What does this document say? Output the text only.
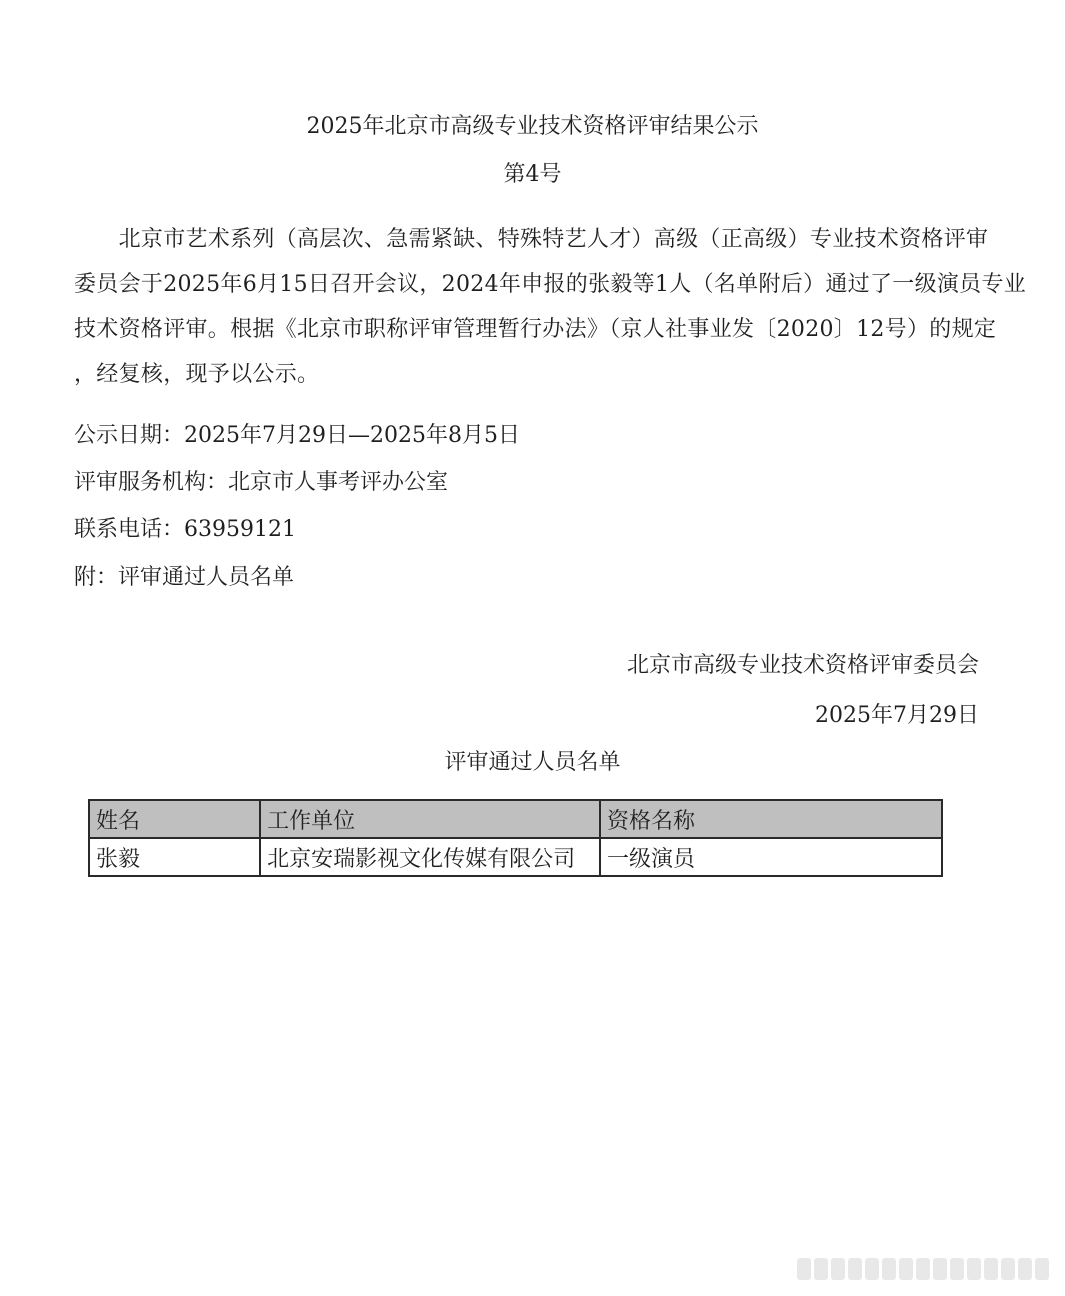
2025年北京市高级专业技术资格评审结果公示
第4号
　　北京市艺术系列（高层次、急需紧缺、特殊特艺人才）高级（正高级）专业技术资格评审
委员会于2025年6月15日召开会议，2024年申报的张毅等1人（名单附后）通过了一级演员专业
技术资格评审。根据《北京市职称评审管理暂行办法》（京人社事业发〔2020〕12号）的规定
，经复核，现予以公示。
公示日期：2025年7月29日—2025年8月5日
评审服务机构：北京市人事考评办公室
联系电话：63959121
附：评审通过人员名单
北京市高级专业技术资格评审委员会
2025年7月29日
评审通过人员名单
姓名	工作单位	资格名称
张毅	北京安瑞影视文化传媒有限公司	一级演员
